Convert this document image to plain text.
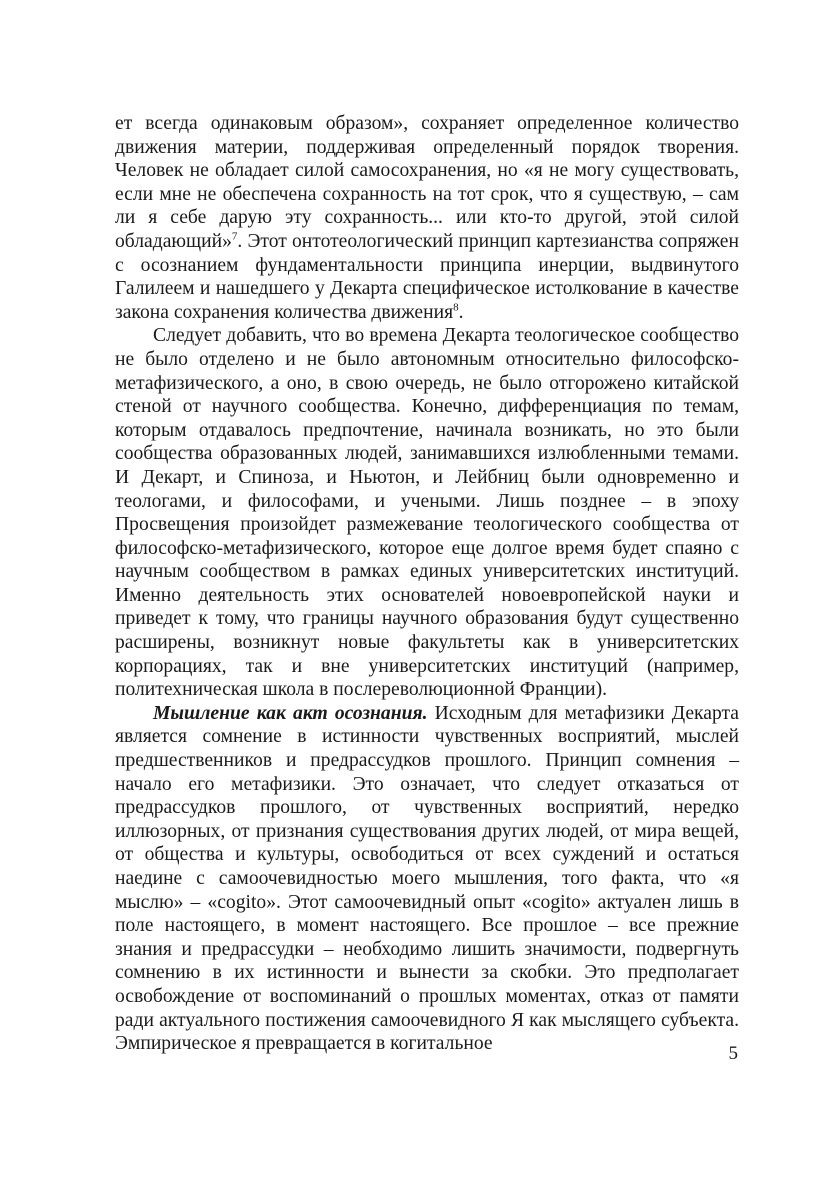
ет всегда одинаковым образом», сохраняет определенное количество движения материи, поддерживая определенный порядок творения. Человек не обладает силой самосохранения, но «я не могу существовать, если мне не обеспечена сохранность на тот срок, что я существую, – сам ли я себе дарую эту сохранность... или кто-то другой, этой силой обладающий»$^7$. Этот онтотеологический принцип картезианства сопряжен с осознанием фундаментальности принципа инерции, выдвинутого Галилеем и нашедшего у Декарта специфическое истолкование в качестве закона сохранения количества движения$^8$.

Следует добавить, что во времена Декарта теологическое сообщество не было отделено и не было автономным относительно философско-метафизического, а оно, в свою очередь, не было отгорожено китайской стеной от научного сообщества. Конечно, дифференциация по темам, которым отдавалось предпочтение, начинала возникать, но это были сообщества образованных людей, занимавшихся излюбленными темами. И Декарт, и Спиноза, и Ньютон, и Лейбниц были одновременно и теологами, и философами, и учеными. Лишь позднее – в эпоху Просвещения произойдет размежевание теологического сообщества от философско-метафизического, которое еще долгое время будет спаяно с научным сообществом в рамках единых университетских институций. Именно деятельность этих основателей новоевропейской науки и приведет к тому, что границы научного образования будут существенно расширены, возникнут новые факультеты как в университетских корпорациях, так и вне университетских институций (например, политехническая школа в послереволюционной Франции).

Мышление как акт осознания. Исходным для метафизики Декарта является сомнение в истинности чувственных восприятий, мыслей предшественников и предрассудков прошлого. Принцип сомнения – начало его метафизики. Это означает, что следует отказаться от предрассудков прошлого, от чувственных восприятий, нередко иллюзорных, от признания существования других людей, от мира вещей, от общества и культуры, освободиться от всех суждений и остаться наедине с самоочевидностью моего мышления, того факта, что «я мыслю» – «cogito». Этот самоочевидный опыт «cogito» актуален лишь в поле настоящего, в момент настоящего. Все прошлое – все прежние знания и предрассудки – необходимо лишить значимости, подвергнуть сомнению в их истинности и вынести за скобки. Это предполагает освобождение от воспоминаний о прошлых моментах, отказ от памяти ради актуального постижения самоочевидного Я как мыслящего субъекта. Эмпирическое я превращается в когитальное	5
